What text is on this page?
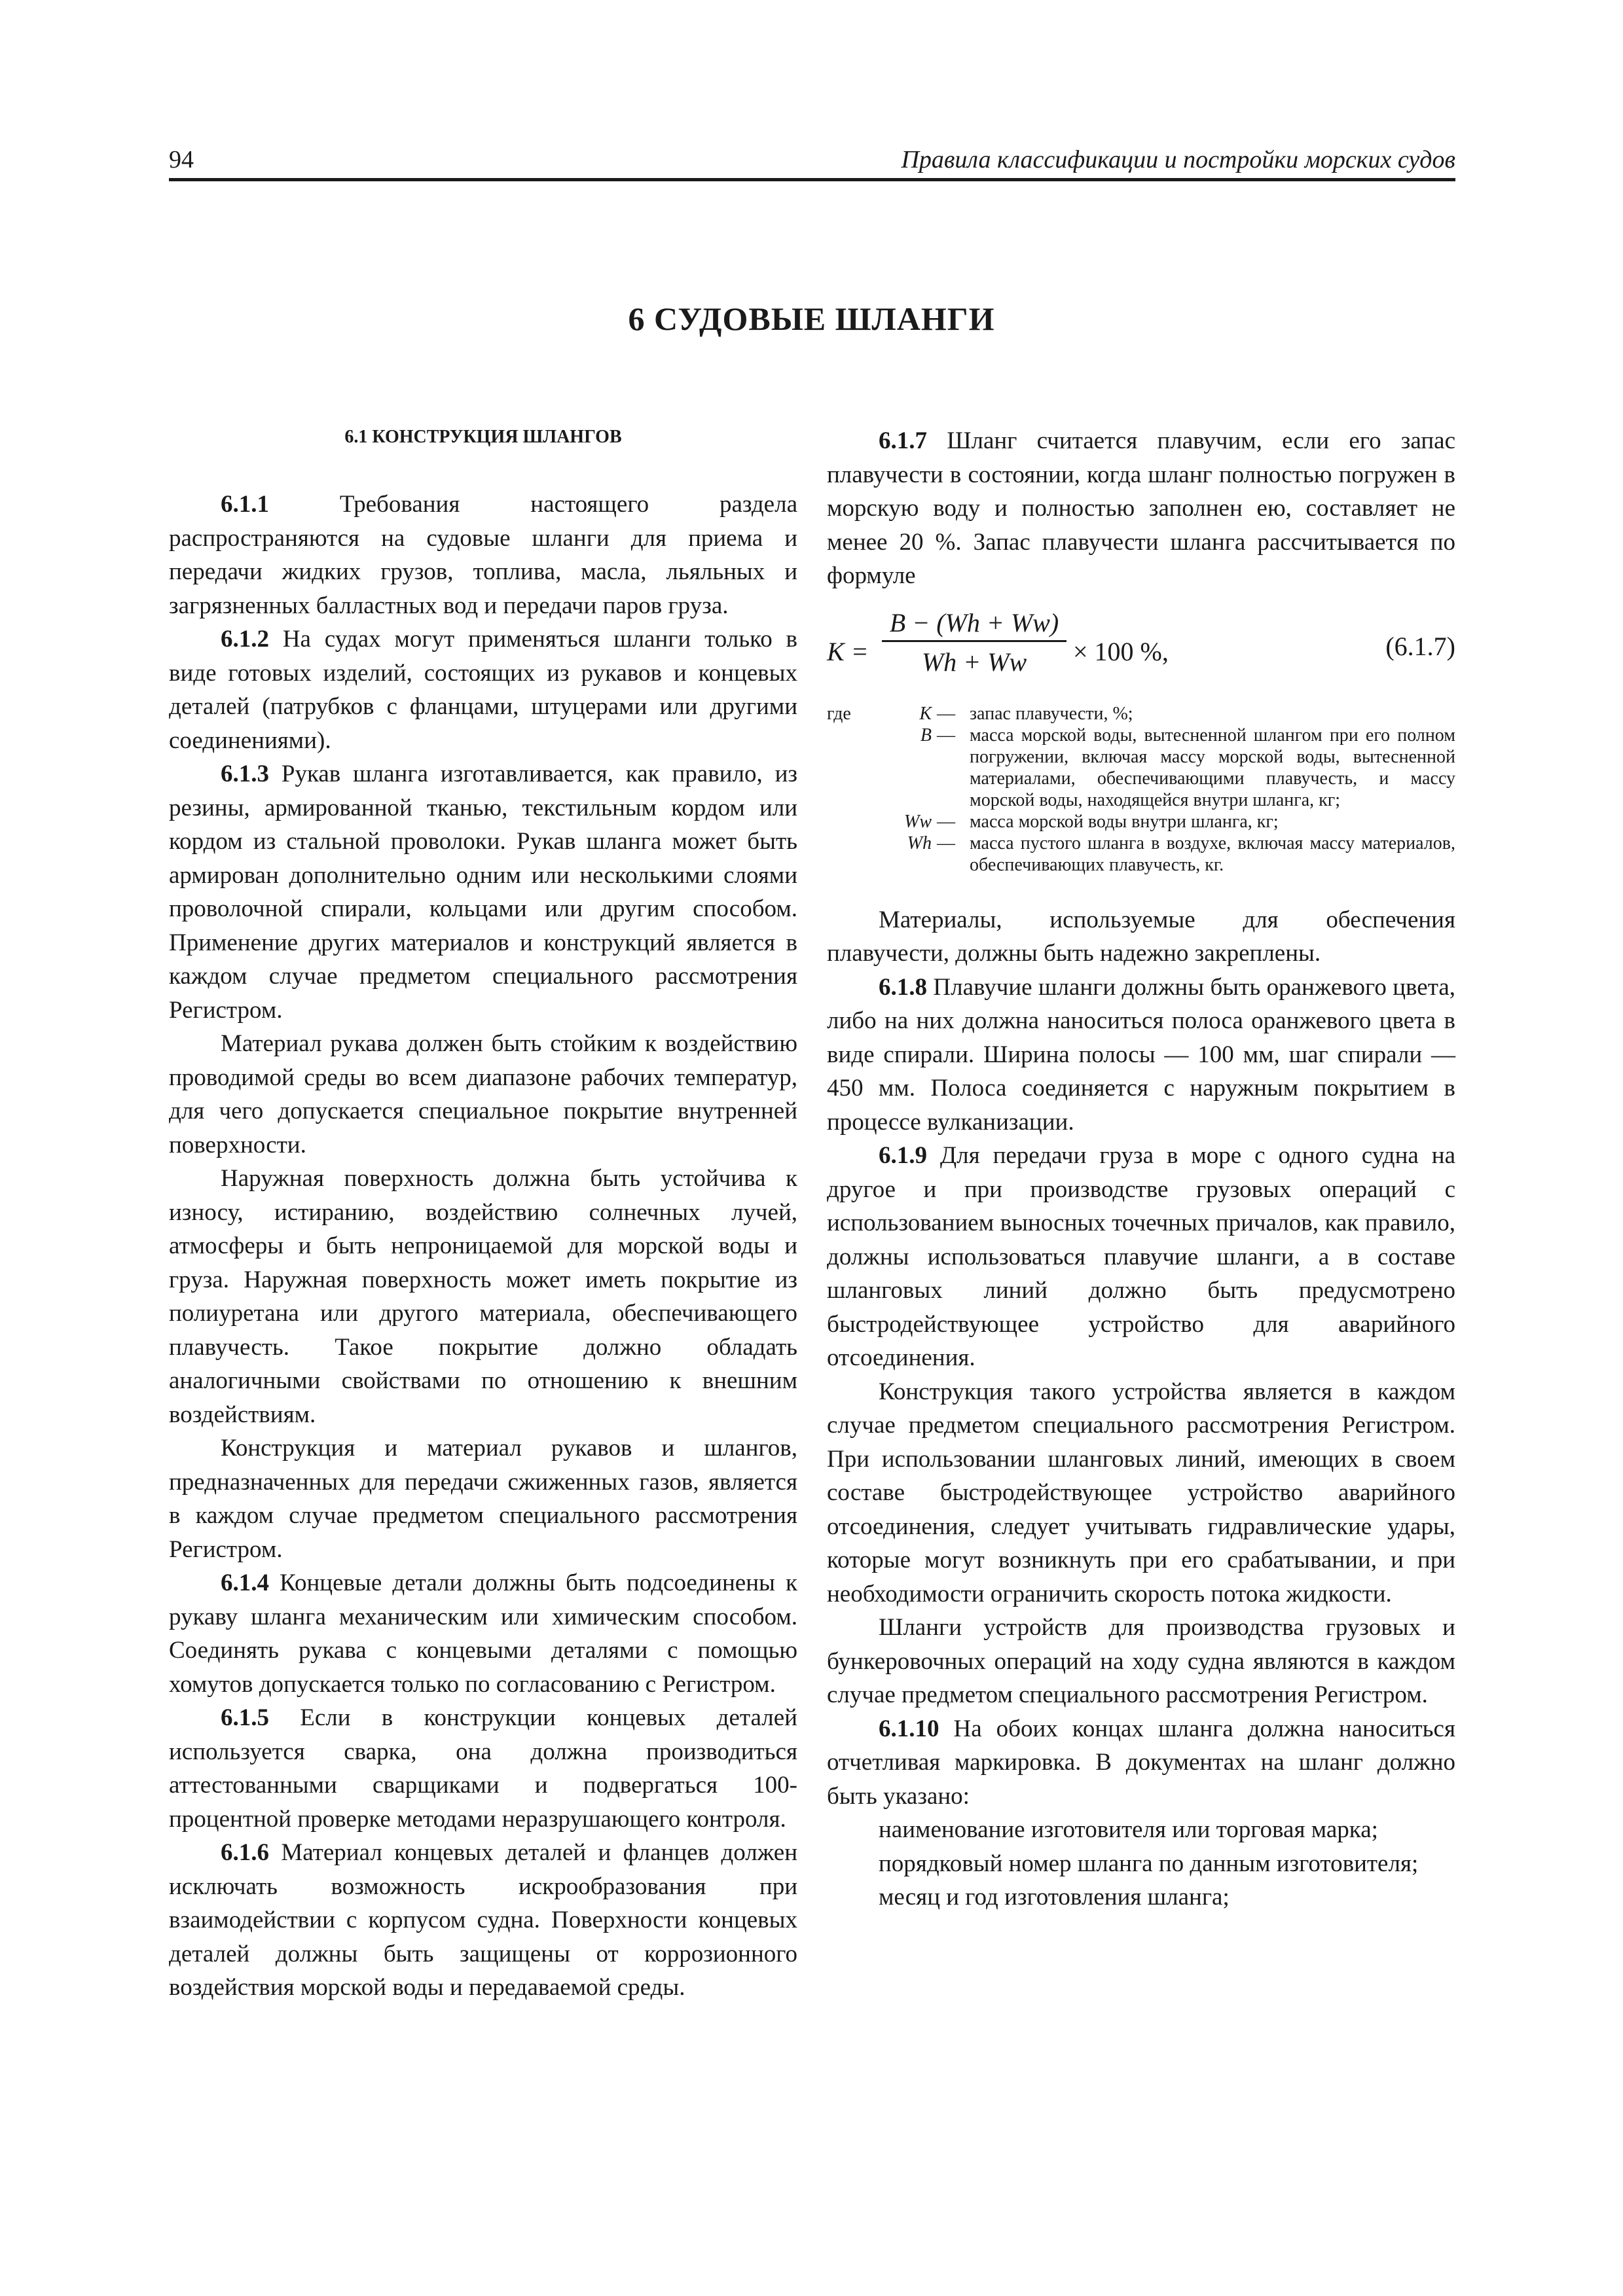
94	Правила классификации и постройки морских судов
6 СУДОВЫЕ ШЛАНГИ
6.1 КОНСТРУКЦИЯ ШЛАНГОВ

6.1.1 Требования настоящего раздела распространяются на судовые шланги для приема и передачи жидких грузов, топлива, масла, льяльных и загрязненных балластных вод и передачи паров груза.

6.1.2 На судах могут применяться шланги только в виде готовых изделий, состоящих из рукавов и концевых деталей (патрубков с фланцами, штуцерами или другими соединениями).

6.1.3 Рукав шланга изготавливается, как правило, из резины, армированной тканью, текстильным кордом или кордом из стальной проволоки. Рукав шланга может быть армирован дополнительно одним или несколькими слоями проволочной спирали, кольцами или другим способом. Применение других материалов и конструкций является в каждом случае предметом специального рассмотрения Регистром.

Материал рукава должен быть стойким к воздействию проводимой среды во всем диапазоне рабочих температур, для чего допускается специальное покрытие внутренней поверхности.

Наружная поверхность должна быть устойчива к износу, истиранию, воздействию солнечных лучей, атмосферы и быть непроницаемой для морской воды и груза. Наружная поверхность может иметь покрытие из полиуретана или другого материала, обеспечивающего плавучесть. Такое покрытие должно обладать аналогичными свойствами по отношению к внешним воздействиям.

Конструкция и материал рукавов и шлангов, предназначенных для передачи сжиженных газов, является в каждом случае предметом специального рассмотрения Регистром.

6.1.4 Концевые детали должны быть подсоединены к рукаву шланга механическим или химическим способом. Соединять рукава с концевыми деталями с помощью хомутов допускается только по согласованию с Регистром.

6.1.5 Если в конструкции концевых деталей используется сварка, она должна производиться аттестованными сварщиками и подвергаться 100-процентной проверке методами неразрушающего контроля.

6.1.6 Материал концевых деталей и фланцев должен исключать возможность искрообразования при взаимодействии с корпусом судна. Поверхности концевых деталей должны быть защищены от коррозионного воздействия морской воды и передаваемой среды.

6.1.7 Шланг считается плавучим, если его запас плавучести в состоянии, когда шланг полностью погружен в морскую воду и полностью заполнен ею, составляет не менее 20 %. Запас плавучести шланга рассчитывается по формуле

K =
B − (Wh + Ww)
Wh + Ww	× 100 %,	(6.1.7)
где	K — запас плавучести, %;
B — масса морской воды, вытесненной шлангом при его полном погружении, включая массу морской воды, вытесненной материалами, обеспечивающими плавучесть, и массу морской воды, находящейся внутри шланга, кг;
Ww — масса морской воды внутри шланга, кг;
Wh — масса пустого шланга в воздухе, включая массу материалов, обеспечивающих плавучесть, кг.

Материалы, используемые для обеспечения плавучести, должны быть надежно закреплены.

6.1.8 Плавучие шланги должны быть оранжевого цвета, либо на них должна наноситься полоса оранжевого цвета в виде спирали. Ширина полосы — 100 мм, шаг спирали — 450 мм. Полоса соединяется с наружным покрытием в процессе вулканизации.

6.1.9 Для передачи груза в море с одного судна на другое и при производстве грузовых операций с использованием выносных точечных причалов, как правило, должны использоваться плавучие шланги, а в составе шланговых линий должно быть предусмотрено быстродействующее устройство для аварийного отсоединения.

Конструкция такого устройства является в каждом случае предметом специального рассмотрения Регистром. При использовании шланговых линий, имеющих в своем составе быстродействующее устройство аварийного отсоединения, следует учитывать гидравлические удары, которые могут возникнуть при его срабатывании, и при необходимости ограничить скорость потока жидкости.

Шланги устройств для производства грузовых и бункеровочных операций на ходу судна являются в каждом случае предметом специального рассмотрения Регистром.

6.1.10 На обоих концах шланга должна наноситься отчетливая маркировка. В документах на шланг должно быть указано:

наименование изготовителя или торговая марка;

порядковый номер шланга по данным изготовителя;

месяц и год изготовления шланга;
